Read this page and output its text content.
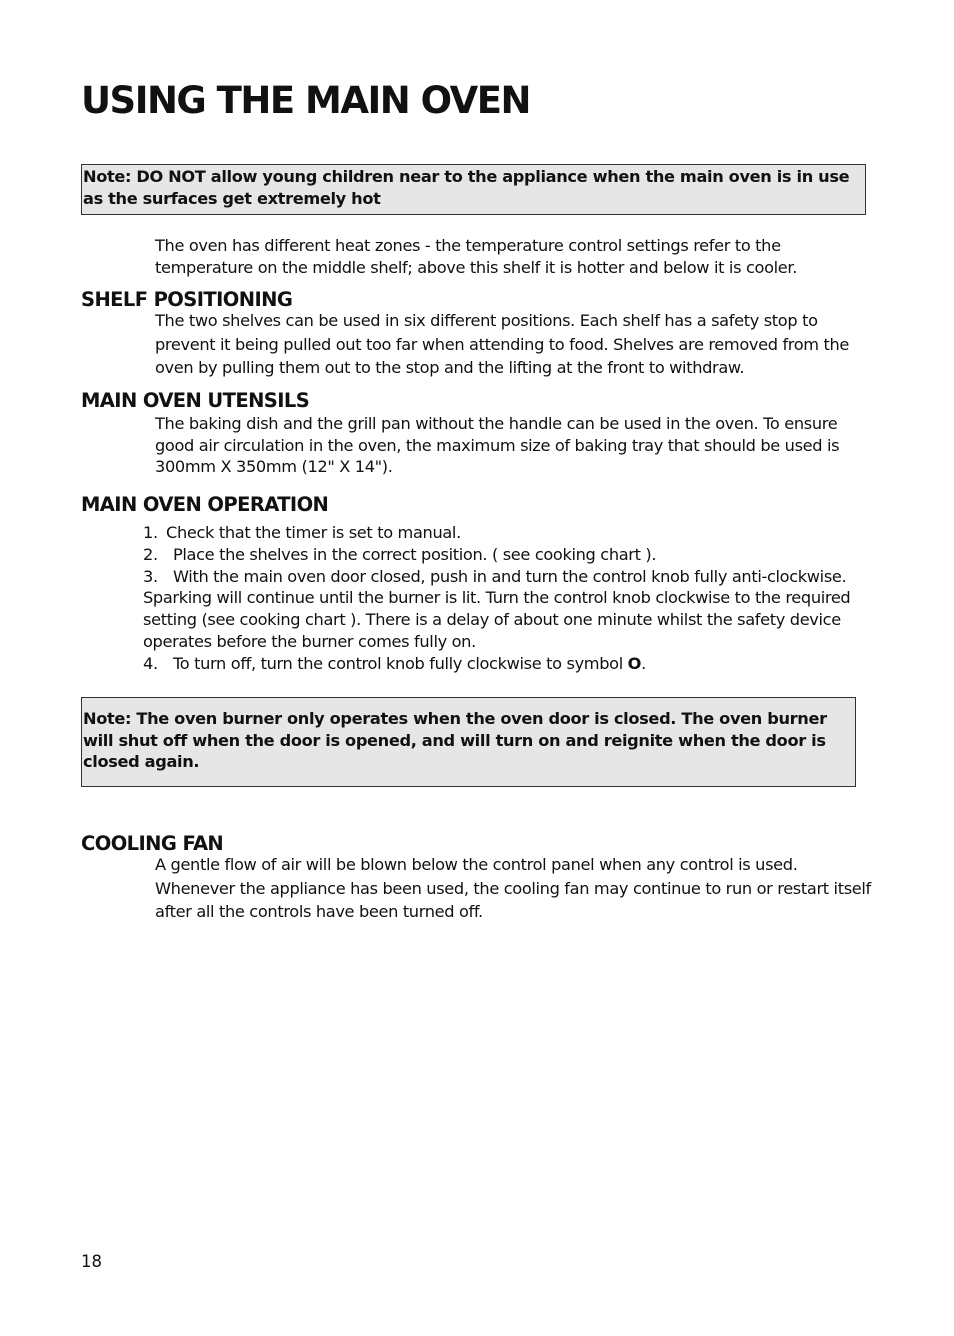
USING THE MAIN OVEN
Note: DO NOT allow young children near to the appliance when the main oven is in use as the surfaces get extremely hot

The oven has different heat zones - the temperature control settings refer to the temperature on the middle shelf; above this shelf it is hotter and below it is cooler.

SHELF POSITIONING

The two shelves can be used in six different positions. Each shelf has a safety stop to prevent it being pulled out too far when attending to food. Shelves are removed from the oven by pulling them out to the stop and the lifting at the front to withdraw.

MAIN OVEN UTENSILS

The baking dish and the grill pan without the handle can be used in the oven. To ensure good air circulation in the oven, the maximum size of baking tray that should be used is 300mm X 350mm (12" X 14").

MAIN OVEN OPERATION
1. Check that the timer is set to manual.
2. Place the shelves in the correct position. ( see cooking chart ).
3. With the main oven door closed, push in and turn the control knob fully anti-clockwise. Sparking will continue until the burner is lit. Turn the control knob clockwise to the required setting (see cooking chart ). There is a delay of about one minute whilst the safety device operates before the burner comes fully on.
4. To turn off, turn the control knob fully clockwise to symbol O.
Note: The oven burner only operates when the oven door is closed. The oven burner will shut off when the door is opened, and will turn on and reignite when the door is closed again.
COOLING FAN

A gentle flow of air will be blown below the control panel when any control is used. Whenever the appliance has been used, the cooling fan may continue to run or restart itself after all the controls have been turned off.

18
